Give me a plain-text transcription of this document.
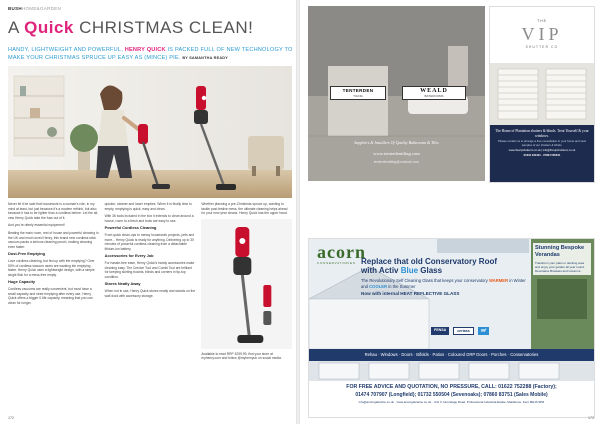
BUSHHOME&GARDEN
A Quick CHRISTMAS CLEAN!
HANDY, LIGHTWEIGHT AND POWERFUL, HENRY QUICK IS PACKED FULL OF NEW TECHNOLOGY TO MAKE YOUR CHRISTMAS SPRUCE UP EASY AS (MINCE) PIE. BY SAMANTHA READY

Never let it be said that housework is a woman's role, in my mind at least, but just because it's a modern rethink, but also because it has to be lighter than a cordless before. Let the all-new Henry Quick take the fuss out of it.

And you're utterly essential equipment!

Beating the main room, rest of house and powerful cleaning in the UK and much-loved Henry, this brand new cordless stick vacuum packs a serious cleaning punch, making cleaning even faster.

Dust-Free Emptying

Love cordless cleaning, but fed up with the emptying? Over 50% of cordless vacuum users are wanting bin emptying faster. Henry Quick uses a lightweight design, with a simple single flick for a mess-free empty.

Huge Capacity

Cordless vacuums are really convenient, but most have a small capacity and need emptying after every use. Henry Quick offers a bigger 0.6ltr capacity, meaning that you can clean for longer.

quicker, cleaner and lower empties. When it is finally time to empty, emptying is quick, easy and clean.

With 36 tools included in the box it extends to clean around a house, room to a fresh and tools are easy to use.

Powerful Cordless Cleaning

From quick clean-ups to messy housework projects, pets and more... Henry Quick is ready for anything. Delivering up to 30 minutes of powerful cordless cleaning from a detachable lithium-ion battery.

Accessories for Every Job

For hassle-free ease, Henry Quick's handy accessories make cleaning easy. The Crevice Tool and Combi Tool are brilliant for keeping skirting boards, blinds and corners in tip-top condition.

Stores Neatly Away

When not in use, Henry Quick stores neatly and stands on the wall dock with accessory storage.

Whether planning a pre-Christmas spruce up, wanting to tackle post-festive mess, the ultimate cleaning helps ahead for your new year cleans. Henry Quick has the upper hand.

Available to read RRP £299.99, find your store at myhenry.com and follow @myhenryuk on social media.

172
TENTERDEN
TILING
WEALD
BATHROOMS
Suppliers & Installers Of Quality Bathrooms & Tiles
www.tenterdentiling.com
tenterdentiling@outlook.com
THE
VIP
SHUTTER CO
The Home of Plantation shutters & blinds. Treat Yourself & your windows.
Please contact us to arrange a free consultation in your home and view samples of our shutters & blinds.
www.thevipshutterco.co.uk | info@thevipshutterco.co.uk
01634 943121 · 07964 505641
acorn
CONSERVATORIES Replace that old Conservatory Roof
with Activ Blue Glass
The Revolutionary Self Cleaning Glass that keeps your conservatory WARMER in Winter and COOLER in the Summer
Now with internal HEAT REFLECTIVE GLASS
Stunning Bespoke Verandas
Transform your patio or decking area and enjoy your garden all year round. Decorative Brackets and Columns.
FENSA	certass	ggf
Rehau · Windows · Doors · Bifolds · Patios · Coloured GRP Doors · Porches · Conservatories
FOR FREE ADVICE AND QUOTATION, NO PRESSURE, CALL: 01622 752288 (Factory);
01474 707907 (Longfield); 01732 550504 (Sevenoaks); 07860 83751 (Sales Mobile)
info@acornglazeline.co.uk · www.acornglazeline.co.uk · Unit 3, Hermitage Road, Professional Industrial Estate, Maidstone, Kent ME16 9PR
173
